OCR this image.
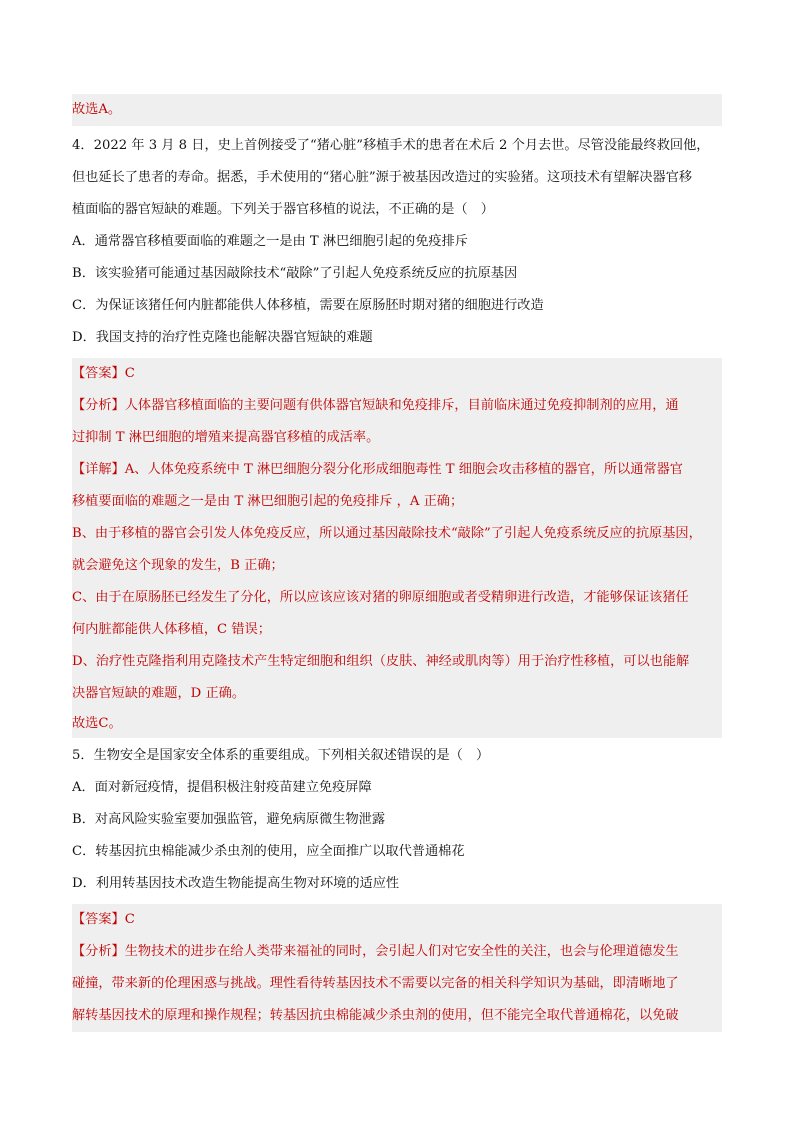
故选A。
4．2022 年 3 月 8 日，史上首例接受了“猪心脏”移植手术的患者在术后 2 个月去世。尽管没能最终救回他，
但也延长了患者的寿命。据悉，手术使用的“猪心脏”源于被基因改造过的实验猪。这项技术有望解决器官移
植面临的器官短缺的难题。下列关于器官移植的说法，不正确的是（　）
A．通常器官移植要面临的难题之一是由 T 淋巴细胞引起的免疫排斥
B．该实验猪可能通过基因敲除技术“敲除”了引起人免疫系统反应的抗原基因
C．为保证该猪任何内脏都能供人体移植，需要在原肠胚时期对猪的细胞进行改造
D．我国支持的治疗性克隆也能解决器官短缺的难题
【答案】C
【分析】人体器官移植面临的主要问题有供体器官短缺和免疫排斥，目前临床通过免疫抑制剂的应用，通
过抑制 T 淋巴细胞的增殖来提高器官移植的成活率。
【详解】A、人体免疫系统中 T 淋巴细胞分裂分化形成细胞毒性 T 细胞会攻击移植的器官，所以通常器官
移植要面临的难题之一是由 T 淋巴细胞引起的免疫排斥 ，A 正确；
B、由于移植的器官会引发人体免疫反应，所以通过基因敲除技术“敲除”了引起人免疫系统反应的抗原基因，
就会避免这个现象的发生，B 正确；
C、由于在原肠胚已经发生了分化，所以应该应该对猪的卵原细胞或者受精卵进行改造，才能够保证该猪任
何内脏都能供人体移植，C 错误；
D、治疗性克隆指利用克隆技术产生特定细胞和组织（皮肤、神经或肌肉等）用于治疗性移植，可以也能解
决器官短缺的难题，D 正确。
故选C。
5．生物安全是国家安全体系的重要组成。下列相关叙述错误的是（　）
A．面对新冠疫情，提倡积极注射疫苗建立免疫屏障
B．对高风险实验室要加强监管，避免病原微生物泄露
C．转基因抗虫棉能减少杀虫剂的使用，应全面推广以取代普通棉花
D．利用转基因技术改造生物能提高生物对环境的适应性
【答案】C
【分析】生物技术的进步在给人类带来福祉的同时，会引起人们对它安全性的关注，也会与伦理道德发生
碰撞，带来新的伦理困惑与挑战。理性看待转基因技术不需要以完备的相关科学知识为基础，即清晰地了
解转基因技术的原理和操作规程；转基因抗虫棉能减少杀虫剂的使用，但不能完全取代普通棉花，以免破
